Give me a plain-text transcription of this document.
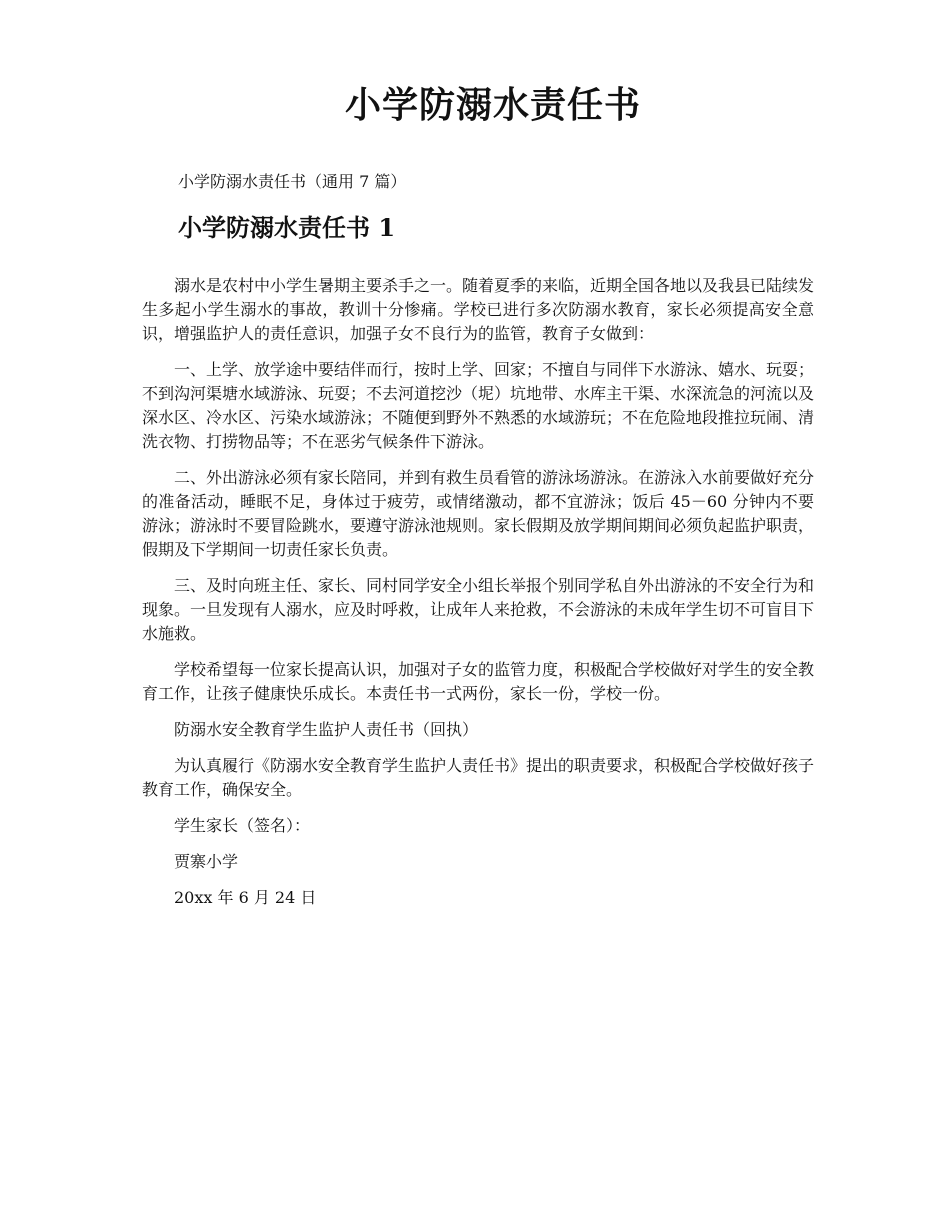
小学防溺水责任书

小学防溺水责任书（通用 7 篇）

小学防溺水责任书 1

溺水是农村中小学生暑期主要杀手之一。随着夏季的来临，近期全国各地以及我县已陆续发生多起小学生溺水的事故，教训十分惨痛。学校已进行多次防溺水教育，家长必须提高安全意识，增强监护人的责任意识，加强子女不良行为的监管，教育子女做到：

一、上学、放学途中要结伴而行，按时上学、回家；不擅自与同伴下水游泳、嬉水、玩耍；不到沟河渠塘水域游泳、玩耍；不去河道挖沙（坭）坑地带、水库主干渠、水深流急的河流以及深水区、冷水区、污染水域游泳；不随便到野外不熟悉的水域游玩；不在危险地段推拉玩闹、清洗衣物、打捞物品等；不在恶劣气候条件下游泳。

二、外出游泳必须有家长陪同，并到有救生员看管的游泳场游泳。在游泳入水前要做好充分的准备活动，睡眠不足，身体过于疲劳，或情绪激动，都不宜游泳；饭后 45－60 分钟内不要游泳；游泳时不要冒险跳水，要遵守游泳池规则。家长假期及放学期间期间必须负起监护职责，假期及下学期间一切责任家长负责。

三、及时向班主任、家长、同村同学安全小组长举报个别同学私自外出游泳的不安全行为和现象。一旦发现有人溺水，应及时呼救，让成年人来抢救，不会游泳的未成年学生切不可盲目下水施救。

学校希望每一位家长提高认识，加强对子女的监管力度，积极配合学校做好对学生的安全教育工作，让孩子健康快乐成长。本责任书一式两份，家长一份，学校一份。

防溺水安全教育学生监护人责任书（回执）

为认真履行《防溺水安全教育学生监护人责任书》提出的职责要求，积极配合学校做好孩子教育工作，确保安全。

学生家长（签名）：

贾寨小学

20xx 年 6 月 24 日
